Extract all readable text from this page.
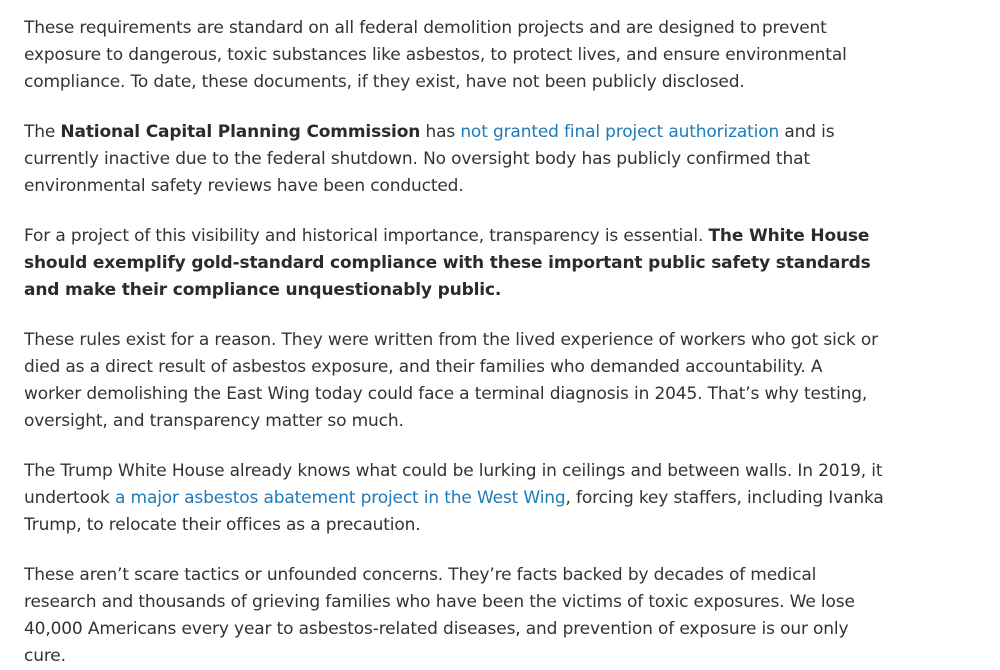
These requirements are standard on all federal demolition projects and are designed to prevent exposure to dangerous, toxic substances like asbestos, to protect lives, and ensure environmental compliance. To date, these documents, if they exist, have not been publicly disclosed.

The National Capital Planning Commission has not granted final project authorization and is currently inactive due to the federal shutdown. No oversight body has publicly confirmed that environmental safety reviews have been conducted.

For a project of this visibility and historical importance, transparency is essential. The White House should exemplify gold-standard compliance with these important public safety standards and make their compliance unquestionably public.

These rules exist for a reason. They were written from the lived experience of workers who got sick or died as a direct result of asbestos exposure, and their families who demanded accountability. A worker demolishing the East Wing today could face a terminal diagnosis in 2045. That’s why testing, oversight, and transparency matter so much.

The Trump White House already knows what could be lurking in ceilings and between walls. In 2019, it undertook a major asbestos abatement project in the West Wing, forcing key staffers, including Ivanka Trump, to relocate their offices as a precaution.

These aren’t scare tactics or unfounded concerns. They’re facts backed by decades of medical research and thousands of grieving families who have been the victims of toxic exposures. We lose 40,000 Americans every year to asbestos-related diseases, and prevention of exposure is our only cure.
